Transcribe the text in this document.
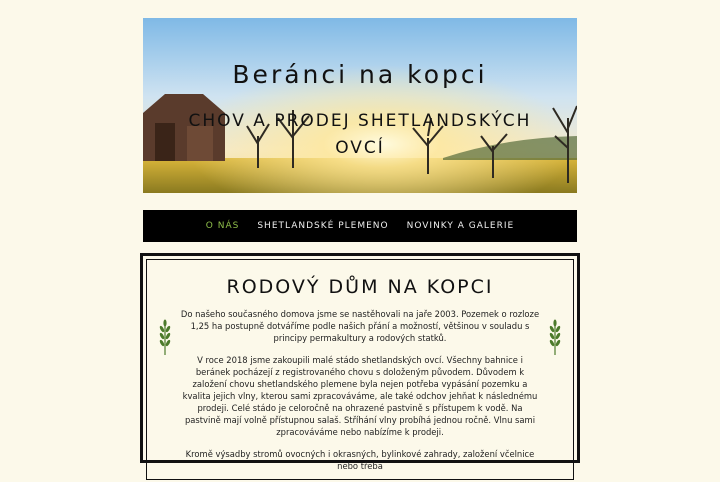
Beránci na kopci
CHOV A PRODEJ SHETLANDSKÝCH OVCÍ
O NÁS SHETLANDSKÉ PLEMENO NOVINKY A GALERIE
RODOVÝ DŮM NA KOPCI

Do našeho současného domova jsme se nastěhovali na jaře 2003. Pozemek o rozloze 1,25 ha postupně dotváříme podle našich přání a možností, většinou v souladu s principy permakultury a rodových statků.

V roce 2018 jsme zakoupili malé stádo shetlandských ovcí. Všechny bahnice i beránek pocházejí z registrovaného chovu s doloženým původem. Důvodem k založení chovu shetlandského plemene byla nejen potřeba vypásání pozemku a kvalita jejich vlny, kterou sami zpracováváme, ale také odchov jehňat k následnému prodeji. Celé stádo je celoročně na ohrazené pastvině s přístupem k vodě. Na pastvině mají volně přístupnou salaš. Stříhání vlny probíhá jednou ročně. Vlnu sami zpracováváme nebo nabízíme k prodeji.

Kromě výsadby stromů ovocných i okrasných, bylinkové zahrady, založení včelnice nebo třeba
